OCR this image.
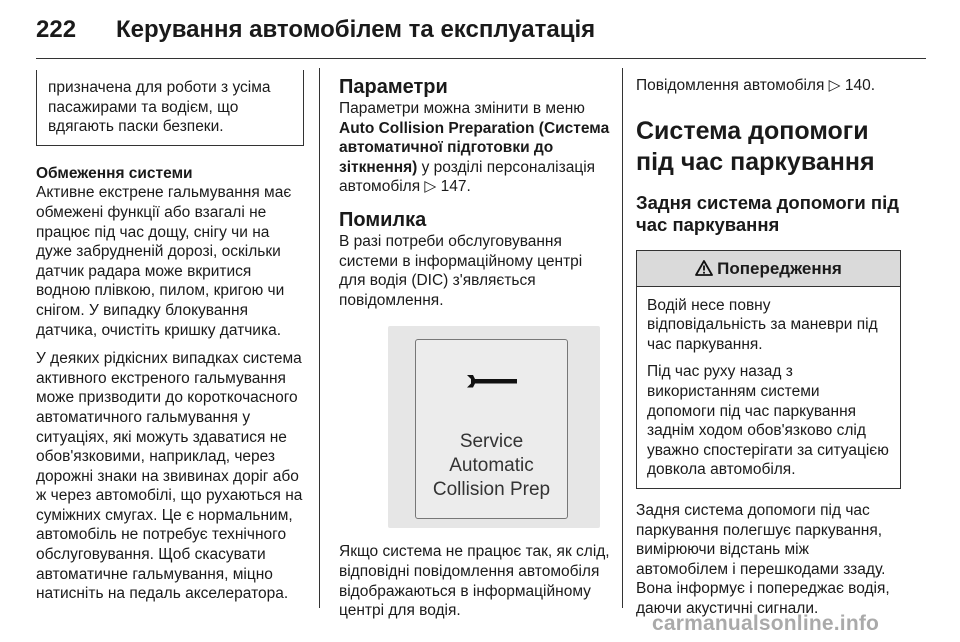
222 Керування автомобілем та експлуатація

призначена для роботи з усіма

пасажирами та водієм, що

вдягають паски безпеки.

Обмеження системи

Активне екстрене гальмування має обмежені функції або взагалі не працює під час дощу, снігу чи на дуже забрудненій дорозі, оскільки датчик радара може вкритися водною плівкою, пилом, кригою чи снігом. У випадку блокування датчика, очистіть кришку датчика.

У деяких рідкісних випадках система активного екстреного гальмування може призводити до короткочасного автоматичного гальмування у ситуаціях, які можуть здаватися не обов'язковими, наприклад, через дорожні знаки на звивинах доріг або ж через автомобілі, що рухаються на суміжних смугах. Це є нормальним, автомобіль не потребує технічного обслуговування. Щоб скасувати автоматичне гальмування, міцно натисніть на педаль акселератора.

Параметри

Параметри можна змінити в меню Auto Collision Preparation (Система автоматичної підготовки до зіткнення) у розділі персоналізація автомобіля ▷ 147.

Помилка

В разі потреби обслуговування системи в інформаційному центрі для водія (DIC) з'являється повідомлення.

Service
Automatic
Collision Prep

Якщо система не працює так, як слід, відповідні повідомлення автомобіля відображаються в інформаційному центрі для водія.

Повідомлення автомобіля ▷ 140.

Система допомоги під час паркування
Задня система допомоги під час паркування
Попередження

Водій несе повну відповідальність за маневри під час паркування.

Під час руху назад з використанням системи допомоги під час паркування заднім ходом обов'язково слід уважно спостерігати за ситуацією довкола автомобіля.

Задня система допомоги під час паркування полегшує паркування, вимірюючи відстань між автомобілем і перешкодами ззаду. Вона інформує і попереджає водія, даючи акустичні сигнали.

carmanualsonline.info
